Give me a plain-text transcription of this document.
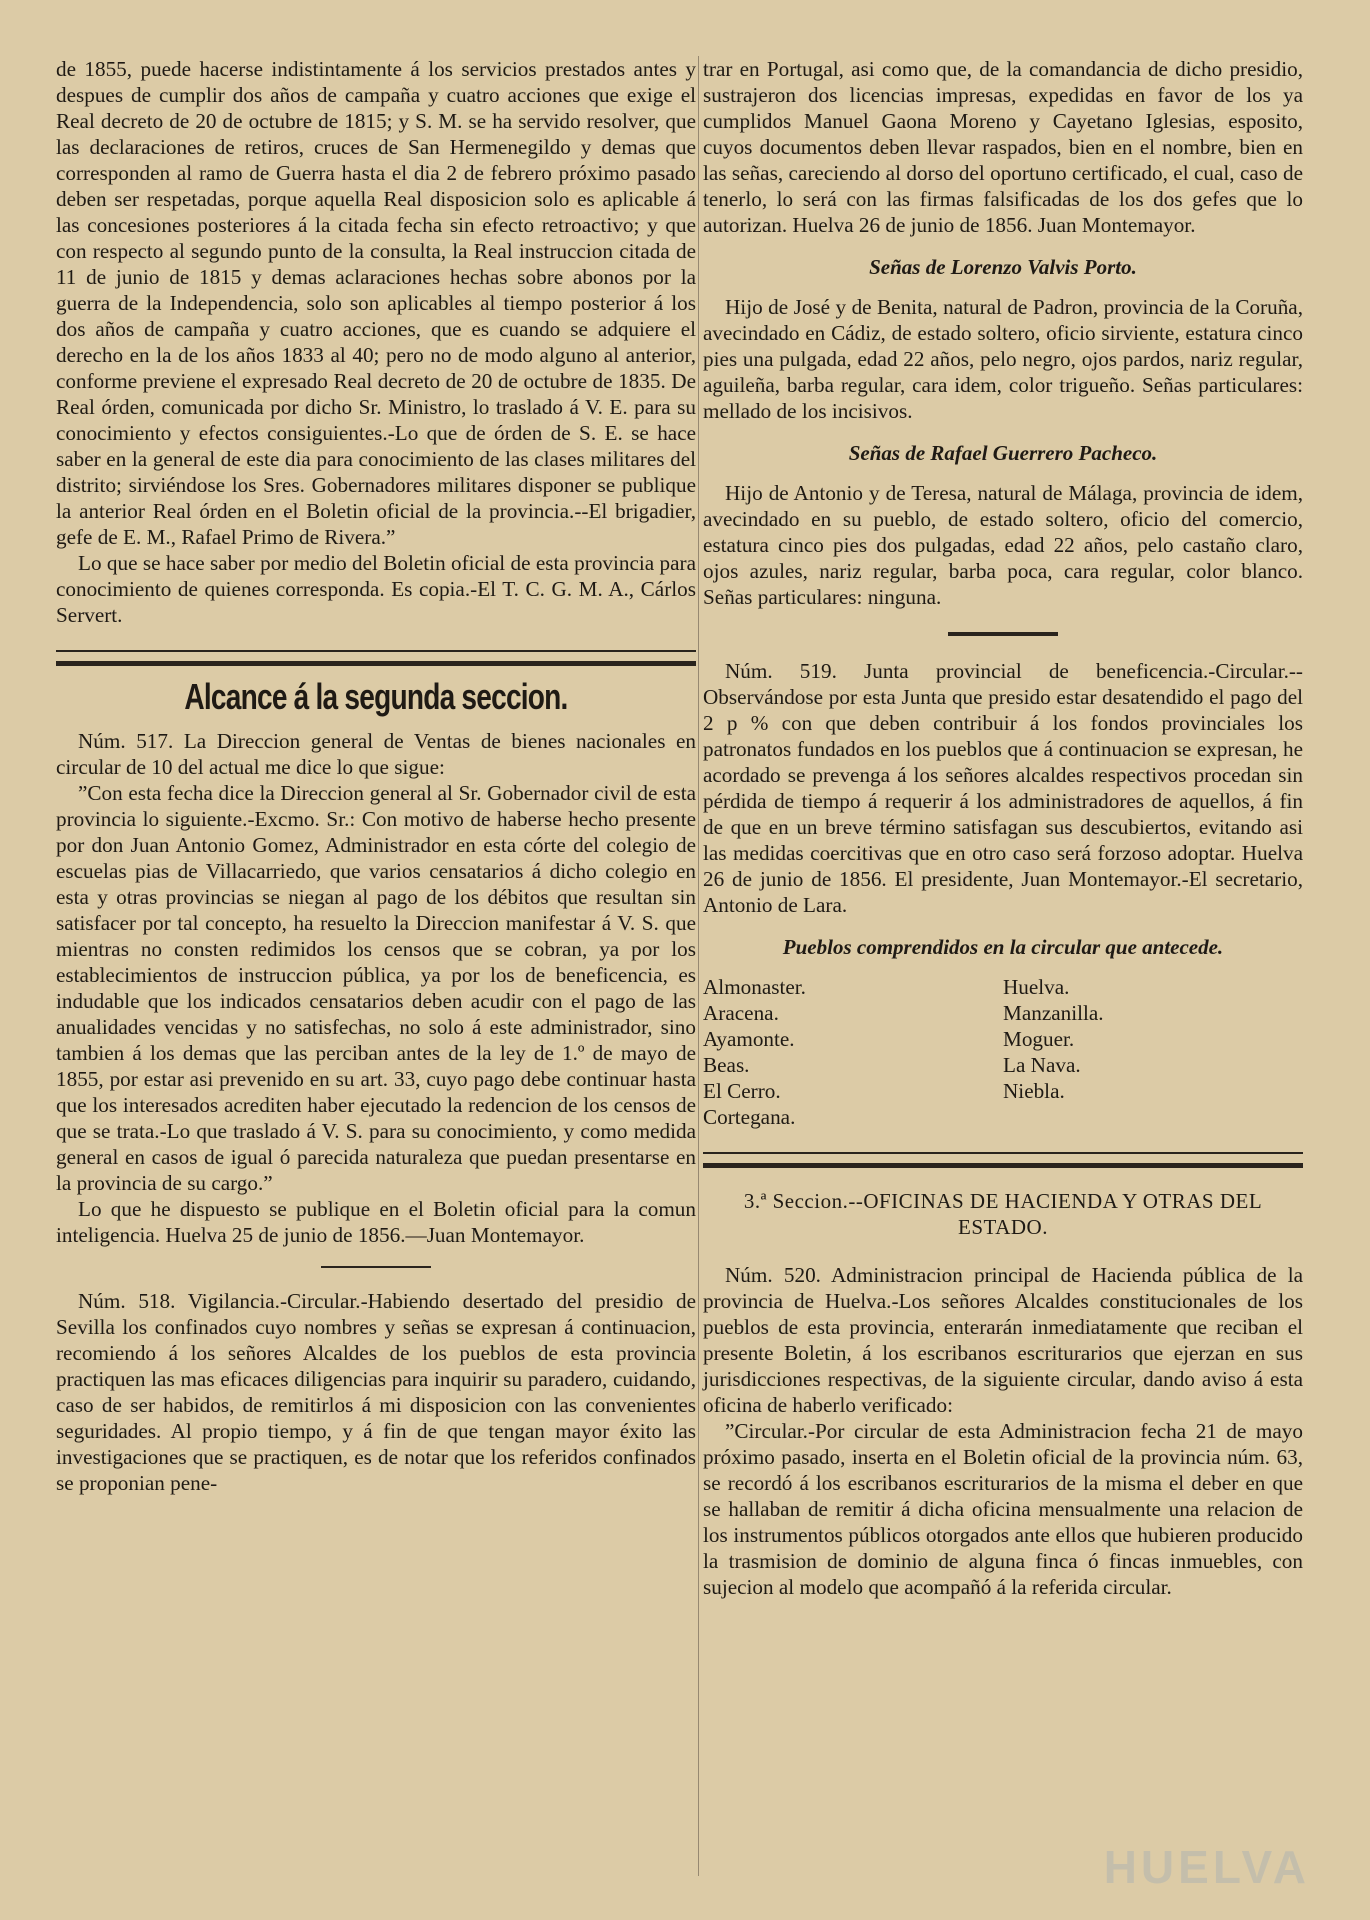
de 1855, puede hacerse indistintamente á los servicios prestados antes y despues de cumplir dos años de campaña y cuatro acciones que exige el Real decreto de 20 de octubre de 1815; y S. M. se ha servido resolver, que las declaraciones de retiros, cruces de San Hermenegildo y demas que corresponden al ramo de Guerra hasta el dia 2 de febrero próximo pasado deben ser respetadas, porque aquella Real disposicion solo es aplicable á las concesiones posteriores á la citada fecha sin efecto retroactivo; y que con respecto al segundo punto de la consulta, la Real instruccion citada de 11 de junio de 1815 y demas aclaraciones hechas sobre abonos por la guerra de la Independencia, solo son aplicables al tiempo posterior á los dos años de campaña y cuatro acciones, que es cuando se adquiere el derecho en la de los años 1833 al 40; pero no de modo alguno al anterior, conforme previene el expresado Real decreto de 20 de octubre de 1835. De Real órden, comunicada por dicho Sr. Ministro, lo traslado á V. E. para su conocimiento y efectos consiguientes.-Lo que de órden de S. E. se hace saber en la general de este dia para conocimiento de las clases militares del distrito; sirviéndose los Sres. Gobernadores militares disponer se publique la anterior Real órden en el Boletin oficial de la provincia.--El brigadier, gefe de E. M., Rafael Primo de Rivera.”

Lo que se hace saber por medio del Boletin oficial de esta provincia para conocimiento de quienes corresponda. Es copia.-El T. C. G. M. A., Cárlos Servert.

Alcance á la segunda seccion.

Núm. 517. La Direccion general de Ventas de bienes nacionales en circular de 10 del actual me dice lo que sigue:

”Con esta fecha dice la Direccion general al Sr. Gobernador civil de esta provincia lo siguiente.-Excmo. Sr.: Con motivo de haberse hecho presente por don Juan Antonio Gomez, Administrador en esta córte del colegio de escuelas pias de Villacarriedo, que varios censatarios á dicho colegio en esta y otras provincias se niegan al pago de los débitos que resultan sin satisfacer por tal concepto, ha resuelto la Direccion manifestar á V. S. que mientras no consten redimidos los censos que se cobran, ya por los establecimientos de instruccion pública, ya por los de beneficencia, es indudable que los indicados censatarios deben acudir con el pago de las anualidades vencidas y no satisfechas, no solo á este administrador, sino tambien á los demas que las perciban antes de la ley de 1.º de mayo de 1855, por estar asi prevenido en su art. 33, cuyo pago debe continuar hasta que los interesados acrediten haber ejecutado la redencion de los censos de que se trata.-Lo que traslado á V. S. para su conocimiento, y como medida general en casos de igual ó parecida naturaleza que puedan presentarse en la provincia de su cargo.”

Lo que he dispuesto se publique en el Boletin oficial para la comun inteligencia. Huelva 25 de junio de 1856.—Juan Montemayor.

Núm. 518. Vigilancia.-Circular.-Habiendo desertado del presidio de Sevilla los confinados cuyo nombres y señas se expresan á continuacion, recomiendo á los señores Alcaldes de los pueblos de esta provincia practiquen las mas eficaces diligencias para inquirir su paradero, cuidando, caso de ser habidos, de remitirlos á mi disposicion con las convenientes seguridades. Al propio tiempo, y á fin de que tengan mayor éxito las investigaciones que se practiquen, es de notar que los referidos confinados se proponian pene-

trar en Portugal, asi como que, de la comandancia de dicho presidio, sustrajeron dos licencias impresas, expedidas en favor de los ya cumplidos Manuel Gaona Moreno y Cayetano Iglesias, esposito, cuyos documentos deben llevar raspados, bien en el nombre, bien en las señas, careciendo al dorso del oportuno certificado, el cual, caso de tenerlo, lo será con las firmas falsificadas de los dos gefes que lo autorizan. Huelva 26 de junio de 1856. Juan Montemayor.

Señas de Lorenzo Valvis Porto.

Hijo de José y de Benita, natural de Padron, provincia de la Coruña, avecindado en Cádiz, de estado soltero, oficio sirviente, estatura cinco pies una pulgada, edad 22 años, pelo negro, ojos pardos, nariz regular, aguileña, barba regular, cara idem, color trigueño. Señas particulares: mellado de los incisivos.

Señas de Rafael Guerrero Pacheco.

Hijo de Antonio y de Teresa, natural de Málaga, provincia de idem, avecindado en su pueblo, de estado soltero, oficio del comercio, estatura cinco pies dos pulgadas, edad 22 años, pelo castaño claro, ojos azules, nariz regular, barba poca, cara regular, color blanco. Señas particulares: ninguna.

Núm. 519. Junta provincial de beneficencia.-Circular.--Observándose por esta Junta que presido estar desatendido el pago del 2 p % con que deben contribuir á los fondos provinciales los patronatos fundados en los pueblos que á continuacion se expresan, he acordado se prevenga á los señores alcaldes respectivos procedan sin pérdida de tiempo á requerir á los administradores de aquellos, á fin de que en un breve término satisfagan sus descubiertos, evitando asi las medidas coercitivas que en otro caso será forzoso adoptar. Huelva 26 de junio de 1856. El presidente, Juan Montemayor.-El secretario, Antonio de Lara.

Pueblos comprendidos en la circular que antecede.
Almonaster.
Aracena.
Ayamonte.
Beas.
El Cerro.
Cortegana.
Huelva.
Manzanilla.
Moguer.
La Nava.
Niebla.
3.ª Seccion.--OFICINAS DE HACIENDA Y OTRAS DEL ESTADO.

Núm. 520. Administracion principal de Hacienda pública de la provincia de Huelva.-Los señores Alcaldes constitucionales de los pueblos de esta provincia, enterarán inmediatamente que reciban el presente Boletin, á los escribanos escriturarios que ejerzan en sus jurisdicciones respectivas, de la siguiente circular, dando aviso á esta oficina de haberlo verificado:

”Circular.-Por circular de esta Administracion fecha 21 de mayo próximo pasado, inserta en el Boletin oficial de la provincia núm. 63, se recordó á los escribanos escriturarios de la misma el deber en que se hallaban de remitir á dicha oficina mensualmente una relacion de los instrumentos públicos otorgados ante ellos que hubieren producido la trasmision de dominio de alguna finca ó fincas inmuebles, con sujecion al modelo que acompañó á la referida circular.

HUELVA
